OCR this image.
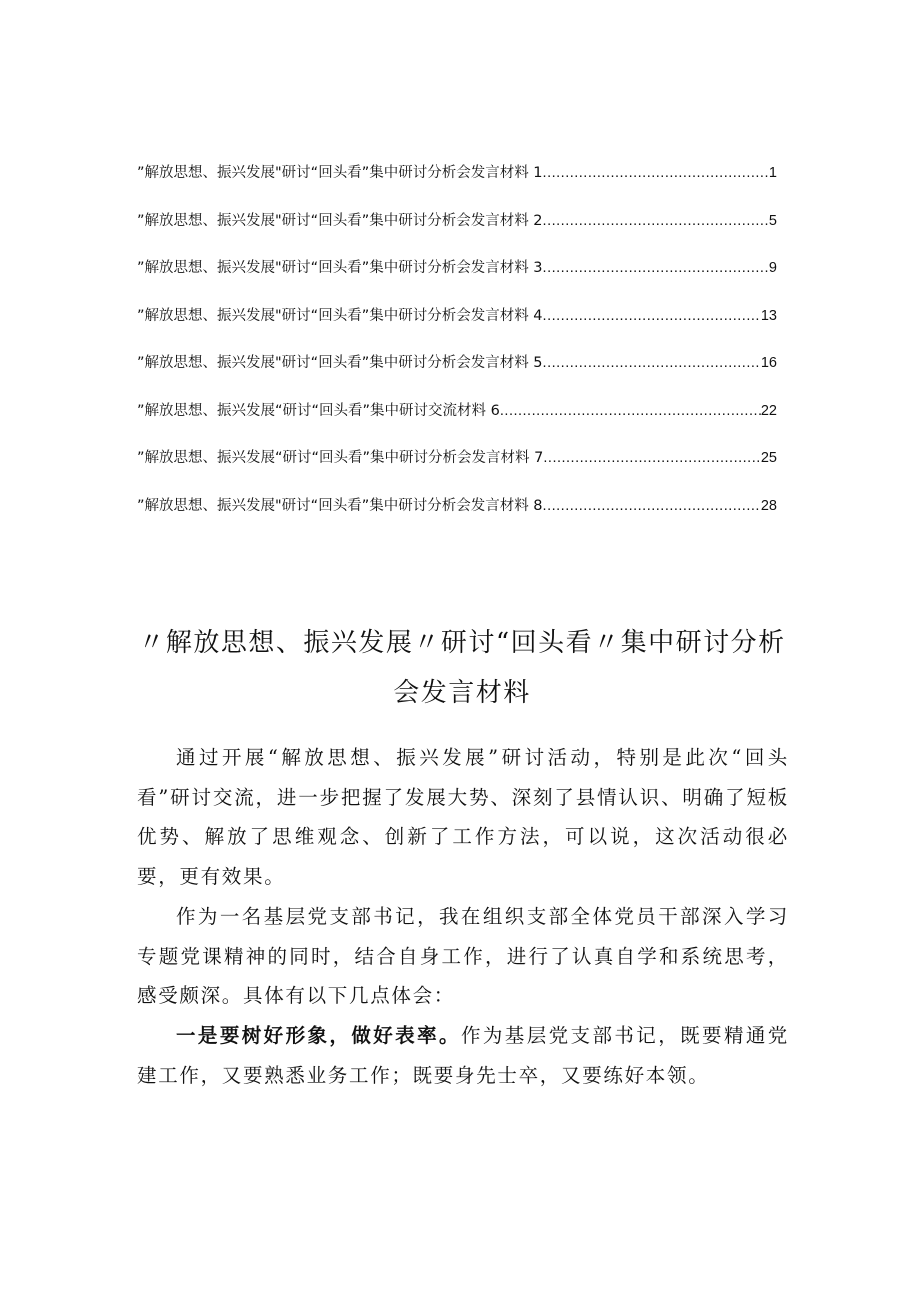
”解放思想、振兴发展"研讨“回头看”集中研讨分析会发言材料 1 .....	1
”解放思想、振兴发展"研讨“回头看”集中研讨分析会发言材料 2 .....	5
”解放思想、振兴发展"研讨“回头看”集中研讨分析会发言材料 3 .....	9
”解放思想、振兴发展"研讨“回头看”集中研讨分析会发言材料 4 .....	13
”解放思想、振兴发展"研讨“回头看”集中研讨分析会发言材料 5 .....	16
”解放思想、振兴发展“研讨“回头看”集中研讨交流材料 6 .....	22
”解放思想、振兴发展“研讨“回头看”集中研讨分析会发言材料 7 .....	25
”解放思想、振兴发展"研讨“回头看”集中研讨分析会发言材料 8 .....	28
〃解放思想、振兴发展〃研讨“回头看〃集中研讨分析会发言材料

通过开展“解放思想、振兴发展”研讨活动，特别是此次“回头看”研讨交流，进一步把握了发展大势、深刻了县情认识、明确了短板优势、解放了思维观念、创新了工作方法，可以说，这次活动很必要，更有效果。

作为一名基层党支部书记，我在组织支部全体党员干部深入学习专题党课精神的同时，结合自身工作，进行了认真自学和系统思考，感受颇深。具体有以下几点体会：

一是要树好形象，做好表率。作为基层党支部书记，既要精通党建工作，又要熟悉业务工作；既要身先士卒，又要练好本领。
